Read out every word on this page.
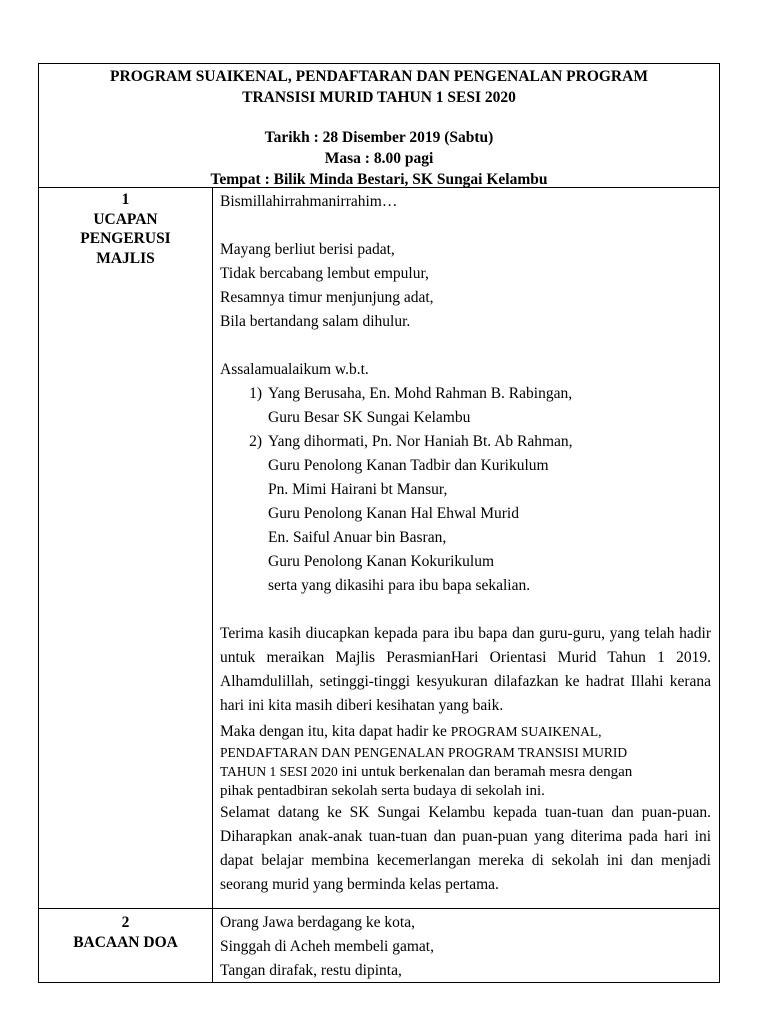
PROGRAM SUAIKENAL, PENDAFTARAN DAN PENGENALAN PROGRAM
TRANSISI MURID TAHUN 1 SESI 2020
Tarikh : 28 Disember 2019 (Sabtu)
Masa : 8.00 pagi
Tempat : Bilik Minda Bestari, SK Sungai Kelambu
1
UCAPAN
PENGERUSI
MAJLIS

Bismillahirrahmanirrahim…

Mayang berliut berisi padat,

Tidak bercabang lembut empulur,

Resamnya timur menjunjung adat,

Bila bertandang salam dihulur.

Assalamualaikum w.b.t.

1) Yang Berusaha, En. Mohd Rahman B. Rabingan,

Guru Besar SK Sungai Kelambu

2) Yang dihormati, Pn. Nor Haniah Bt. Ab Rahman,

Guru Penolong Kanan Tadbir dan Kurikulum

Pn. Mimi Hairani bt Mansur,

Guru Penolong Kanan Hal Ehwal Murid

En. Saiful Anuar bin Basran,

Guru Penolong Kanan Kokurikulum

serta yang dikasihi para ibu bapa sekalian.

Terima kasih diucapkan kepada para ibu bapa dan guru-guru, yang telah hadir untuk meraikan Majlis PerasmianHari Orientasi Murid Tahun 1 2019. Alhamdulillah, setinggi-tinggi kesyukuran dilafazkan ke hadrat Illahi kerana hari ini kita masih diberi kesihatan yang baik.

Maka dengan itu, kita dapat hadir ke PROGRAM SUAIKENAL,

PENDAFTARAN DAN PENGENALAN PROGRAM TRANSISI MURID

TAHUN 1 SESI 2020 ini untuk berkenalan dan beramah mesra dengan

pihak pentadbiran sekolah serta budaya di sekolah ini.

Selamat datang ke SK Sungai Kelambu kepada tuan-tuan dan puan-puan. Diharapkan anak-anak tuan-tuan dan puan-puan yang diterima pada hari ini dapat belajar membina kecemerlangan mereka di sekolah ini dan menjadi seorang murid yang berminda kelas pertama.

2
BACAAN DOA

Orang Jawa berdagang ke kota,

Singgah di Acheh membeli gamat,

Tangan dirafak, restu dipinta,
